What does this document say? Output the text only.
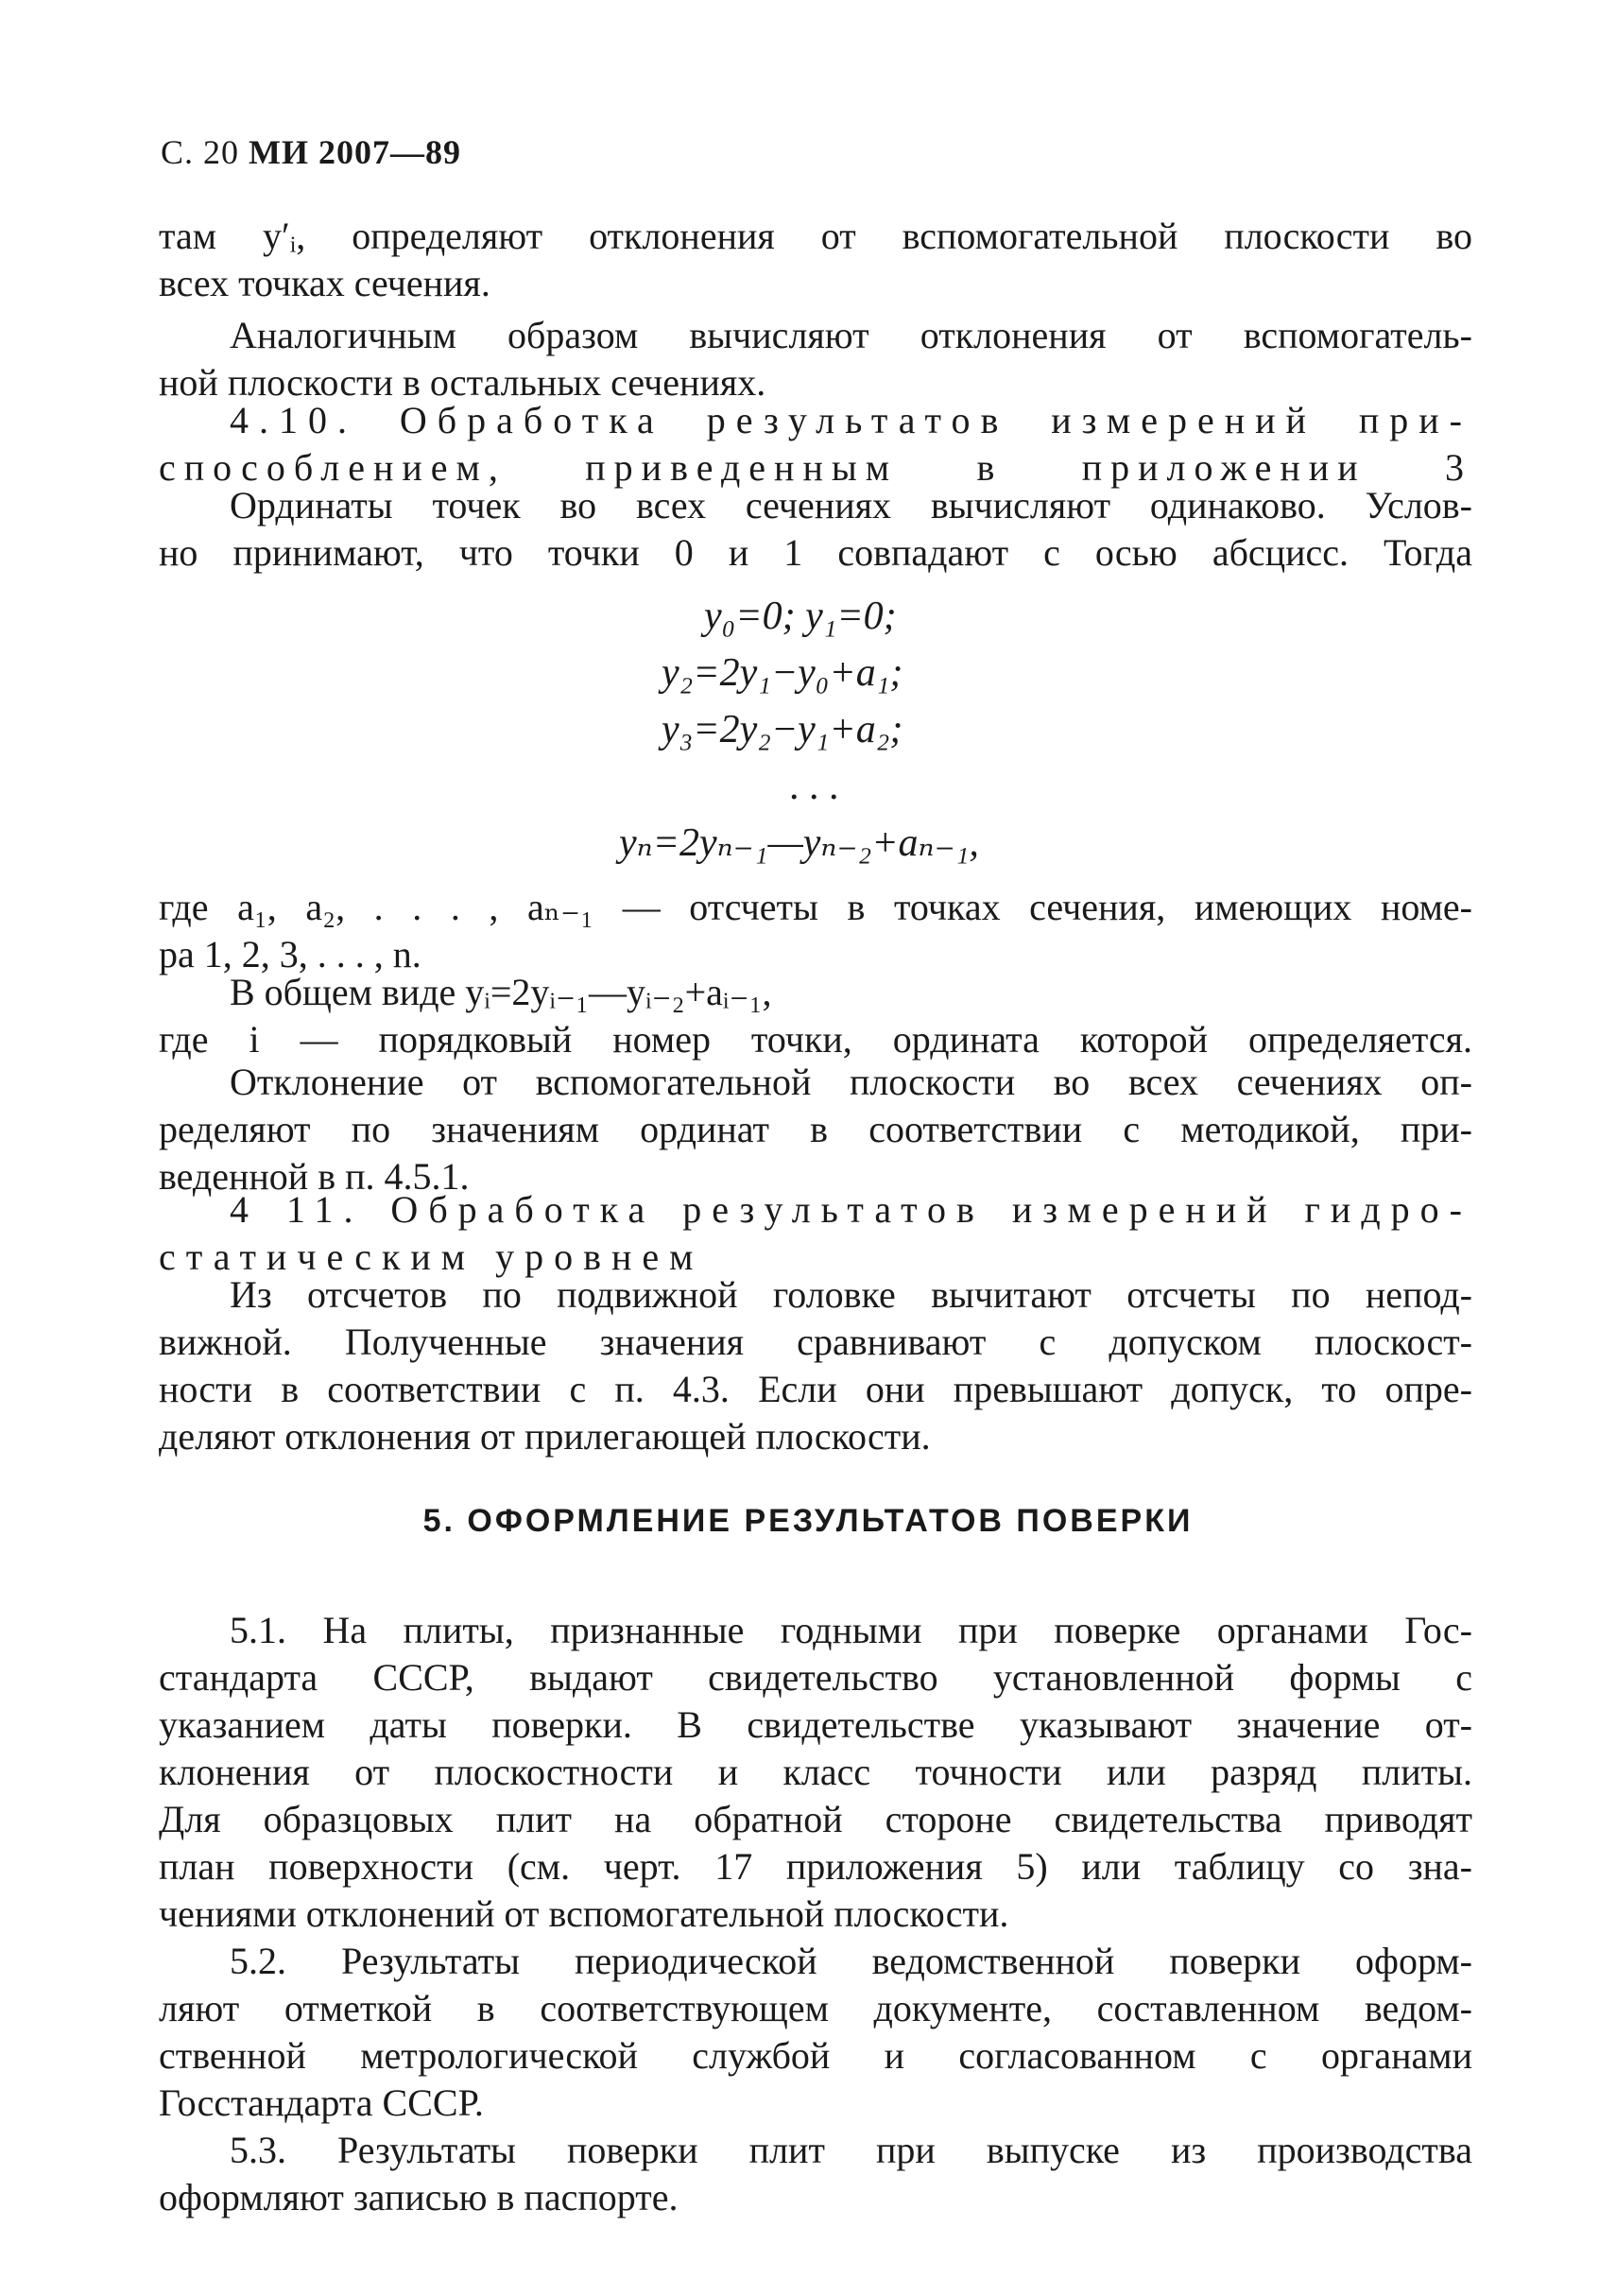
С. 20 МИ 2007—89

там y′ᵢ, определяют отклонения от вспомогательной плоскости во

всех точках сечения.

Аналогичным образом вычисляют отклонения от вспомогатель-

ной плоскости в остальных сечениях.

4.10. Обработка результатов измерений при-

способлением, приведенным в приложении 3

Ординаты точек во всех сечениях вычисляют одинаково. Услов-

но принимают, что точки 0 и 1 совпадают с осью абсцисс. Тогда

y₀=0; y₁=0;
y₂=2y₁−y₀+a₁;
y₃=2y₂−y₁+a₂;
. . .
yₙ=2yₙ₋₁—yₙ₋₂+aₙ₋₁,

где a₁, a₂, . . . , aₙ₋₁ — отсчеты в точках сечения, имеющих номе-

ра 1, 2, 3, . . . , n.

В общем виде yᵢ=2yᵢ₋₁—yᵢ₋₂+aᵢ₋₁,

где i — порядковый номер точки, ордината которой определяется.

Отклонение от вспомогательной плоскости во всех сечениях оп-

ределяют по значениям ординат в соответствии с методикой, при-

веденной в п. 4.5.1.

4 11. Обработка результатов измерений гидро-

статическим уровнем

Из отсчетов по подвижной головке вычитают отсчеты по непод-

вижной. Полученные значения сравнивают с допуском плоскост-

ности в соответствии с п. 4.3. Если они превышают допуск, то опре-

деляют отклонения от прилегающей плоскости.

5. ОФОРМЛЕНИЕ РЕЗУЛЬТАТОВ ПОВЕРКИ

5.1. На плиты, признанные годными при поверке органами Гос-

стандарта СССР, выдают свидетельство установленной формы с

указанием даты поверки. В свидетельстве указывают значение от-

клонения от плоскостности и класс точности или разряд плиты.

Для образцовых плит на обратной стороне свидетельства приводят

план поверхности (см. черт. 17 приложения 5) или таблицу со зна-

чениями отклонений от вспомогательной плоскости.

5.2. Результаты периодической ведомственной поверки оформ-

ляют отметкой в соответствующем документе, составленном ведом-

ственной метрологической службой и согласованном с органами

Госстандарта СССР.

5.3. Результаты поверки плит при выпуске из производства

оформляют записью в паспорте.
